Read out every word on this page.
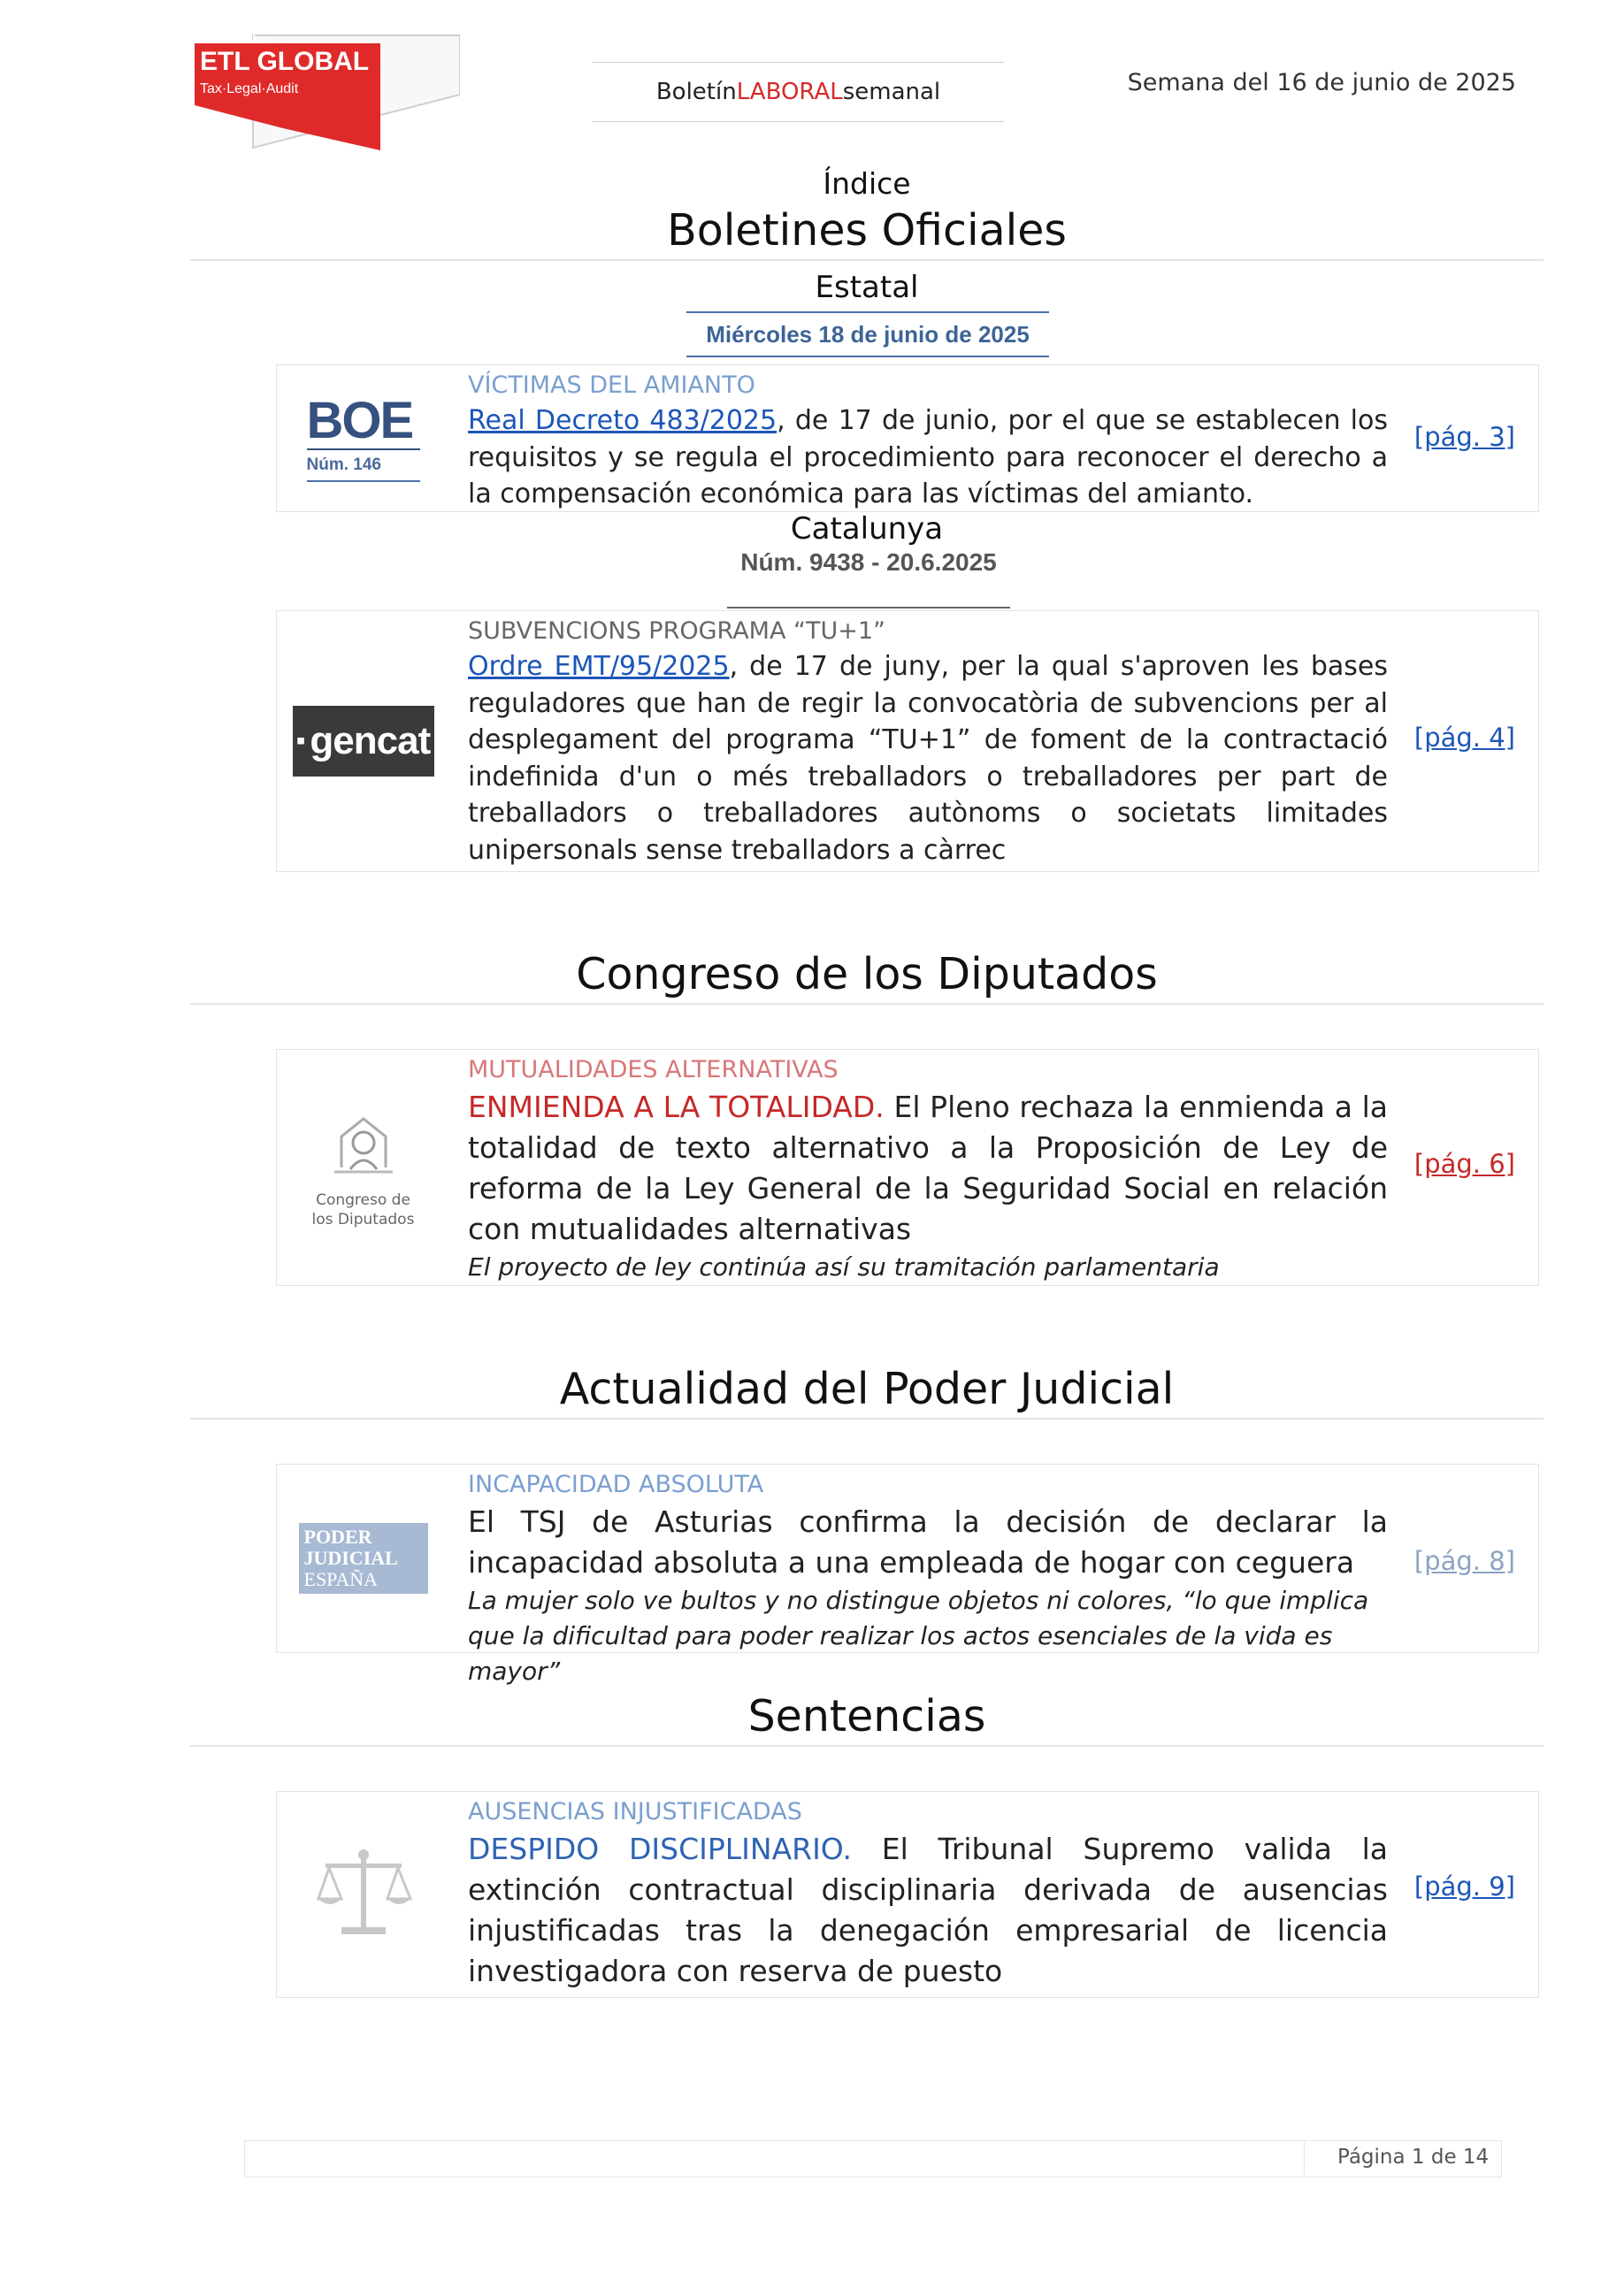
ETL GLOBAL
Tax·Legal·Audit	Boletín LABORAL semanal	Semana del 16 de junio de 2025
Índice
Boletines Oficiales
Estatal
Miércoles 18 de junio de 2025
BOE
Núm. 146
VÍCTIMAS DEL AMIANTO
Real Decreto 483/2025, de 17 de junio, por el que se establecen los requisitos y se regula el procedimiento para reconocer el derecho a la compensación económica para las víctimas del amianto.
[pág. 3]
Catalunya
Núm. 9438 - 20.6.2025
▪︎ gencat
SUBVENCIONS PROGRAMA “TU+1”
Ordre EMT/95/2025, de 17 de juny, per la qual s'aproven les bases reguladores que han de regir la convocatòria de subvencions per al desplegament del programa “TU+1” de foment de la contractació indefinida d'un o més treballadors o treballadores per part de treballadors o treballadores autònoms o societats limitades unipersonals sense treballadors a càrrec
[pág. 4]
Congreso de los Diputados
Congreso de
los Diputados
MUTUALIDADES ALTERNATIVAS
ENMIENDA A LA TOTALIDAD. El Pleno rechaza la enmienda a la totalidad de texto alternativo a la Proposición de Ley de reforma de la Ley General de la Seguridad Social en relación con mutualidades alternativas
El proyecto de ley continúa así su tramitación parlamentaria
[pág. 6]
Actualidad del Poder Judicial
PODER
JUDICIAL
ESPAÑA
INCAPACIDAD ABSOLUTA
El TSJ de Asturias confirma la decisión de declarar la incapacidad absoluta a una empleada de hogar con ceguera
La mujer solo ve bultos y no distingue objetos ni colores, “lo que implica que la dificultad para poder realizar los actos esenciales de la vida es mayor”
[pág. 8]
Sentencias
AUSENCIAS INJUSTIFICADAS
DESPIDO DISCIPLINARIO. El Tribunal Supremo valida la extinción contractual disciplinaria derivada de ausencias injustificadas tras la denegación empresarial de licencia investigadora con reserva de puesto
[pág. 9]
Página 1 de 14
